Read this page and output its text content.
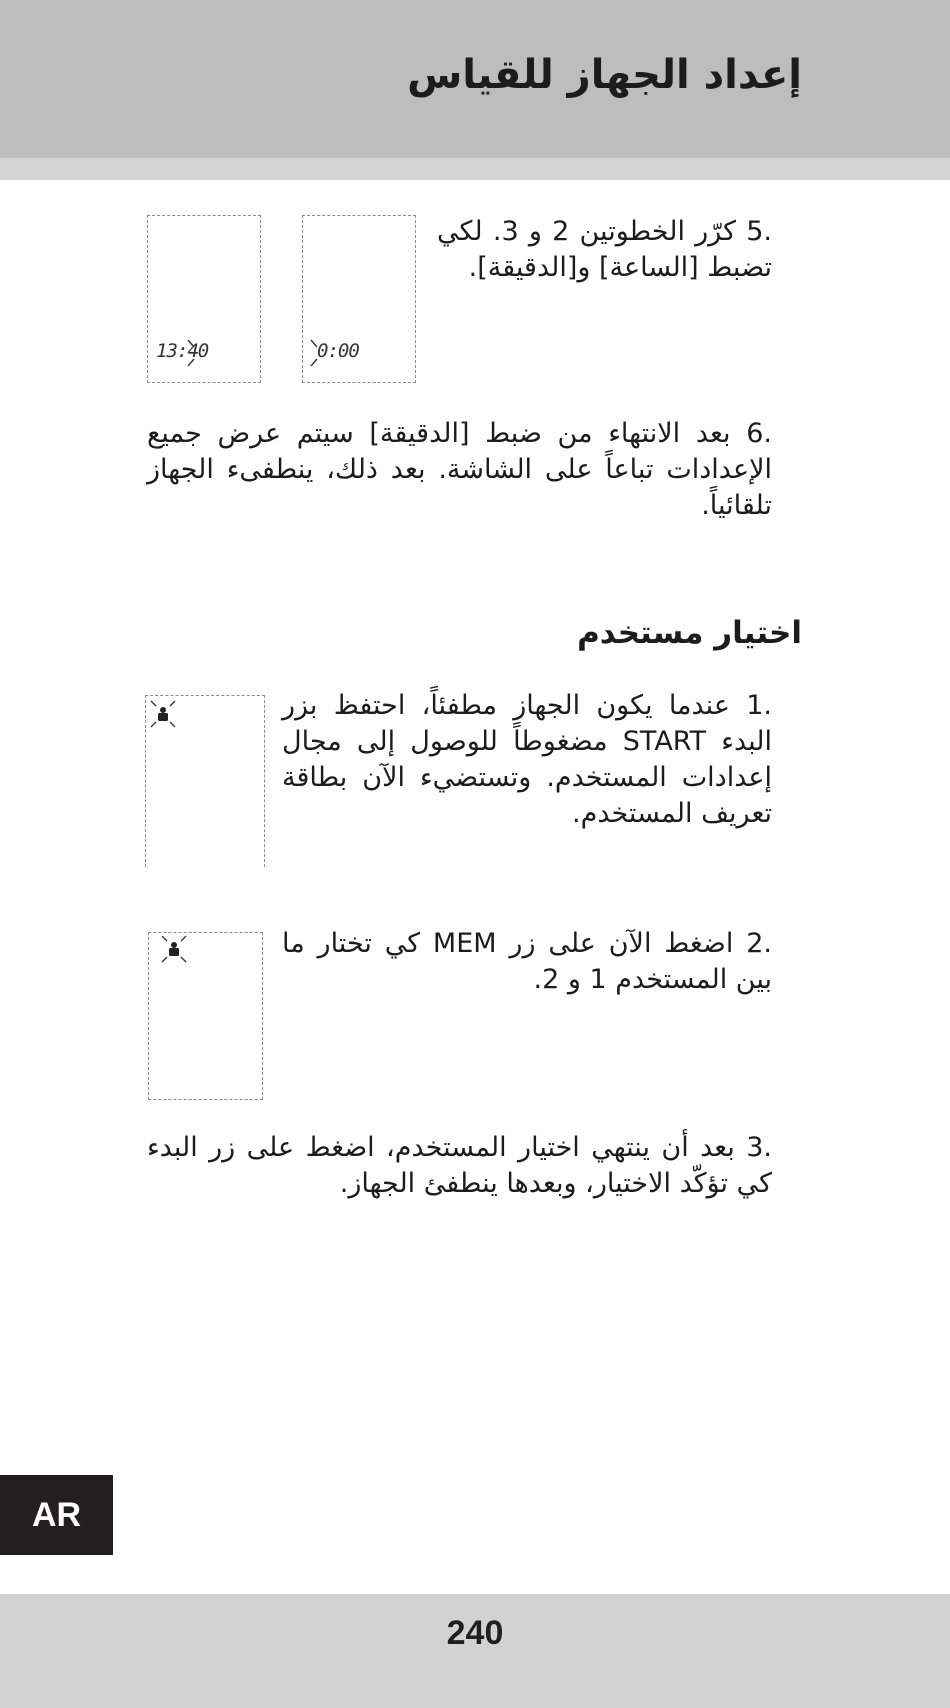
إعداد الجهاز للقياس
.5 كرّر الخطوتين 2 و 3. لكي تضبط [الساعة] و[الدقيقة].
0:00
13:40
.6 بعد الانتهاء من ضبط [الدقيقة] سيتم عرض جميع الإعدادات تباعاً على الشاشة. بعد ذلك، ينطفىء الجهاز تلقائياً.
اختيار مستخدم
.1 عندما يكون الجهاز مطفئاً، احتفظ بزر البدء START مضغوطاً للوصول إلى مجال إعدادات المستخدم. وتستضيء الآن بطاقة تعريف المستخدم.
.2 اضغط الآن على زر MEM كي تختار ما بين المستخدم 1 و 2.
.3 بعد أن ينتهي اختيار المستخدم، اضغط على زر البدء كي تؤكّد الاختيار، وبعدها ينطفئ الجهاز.
AR
240
